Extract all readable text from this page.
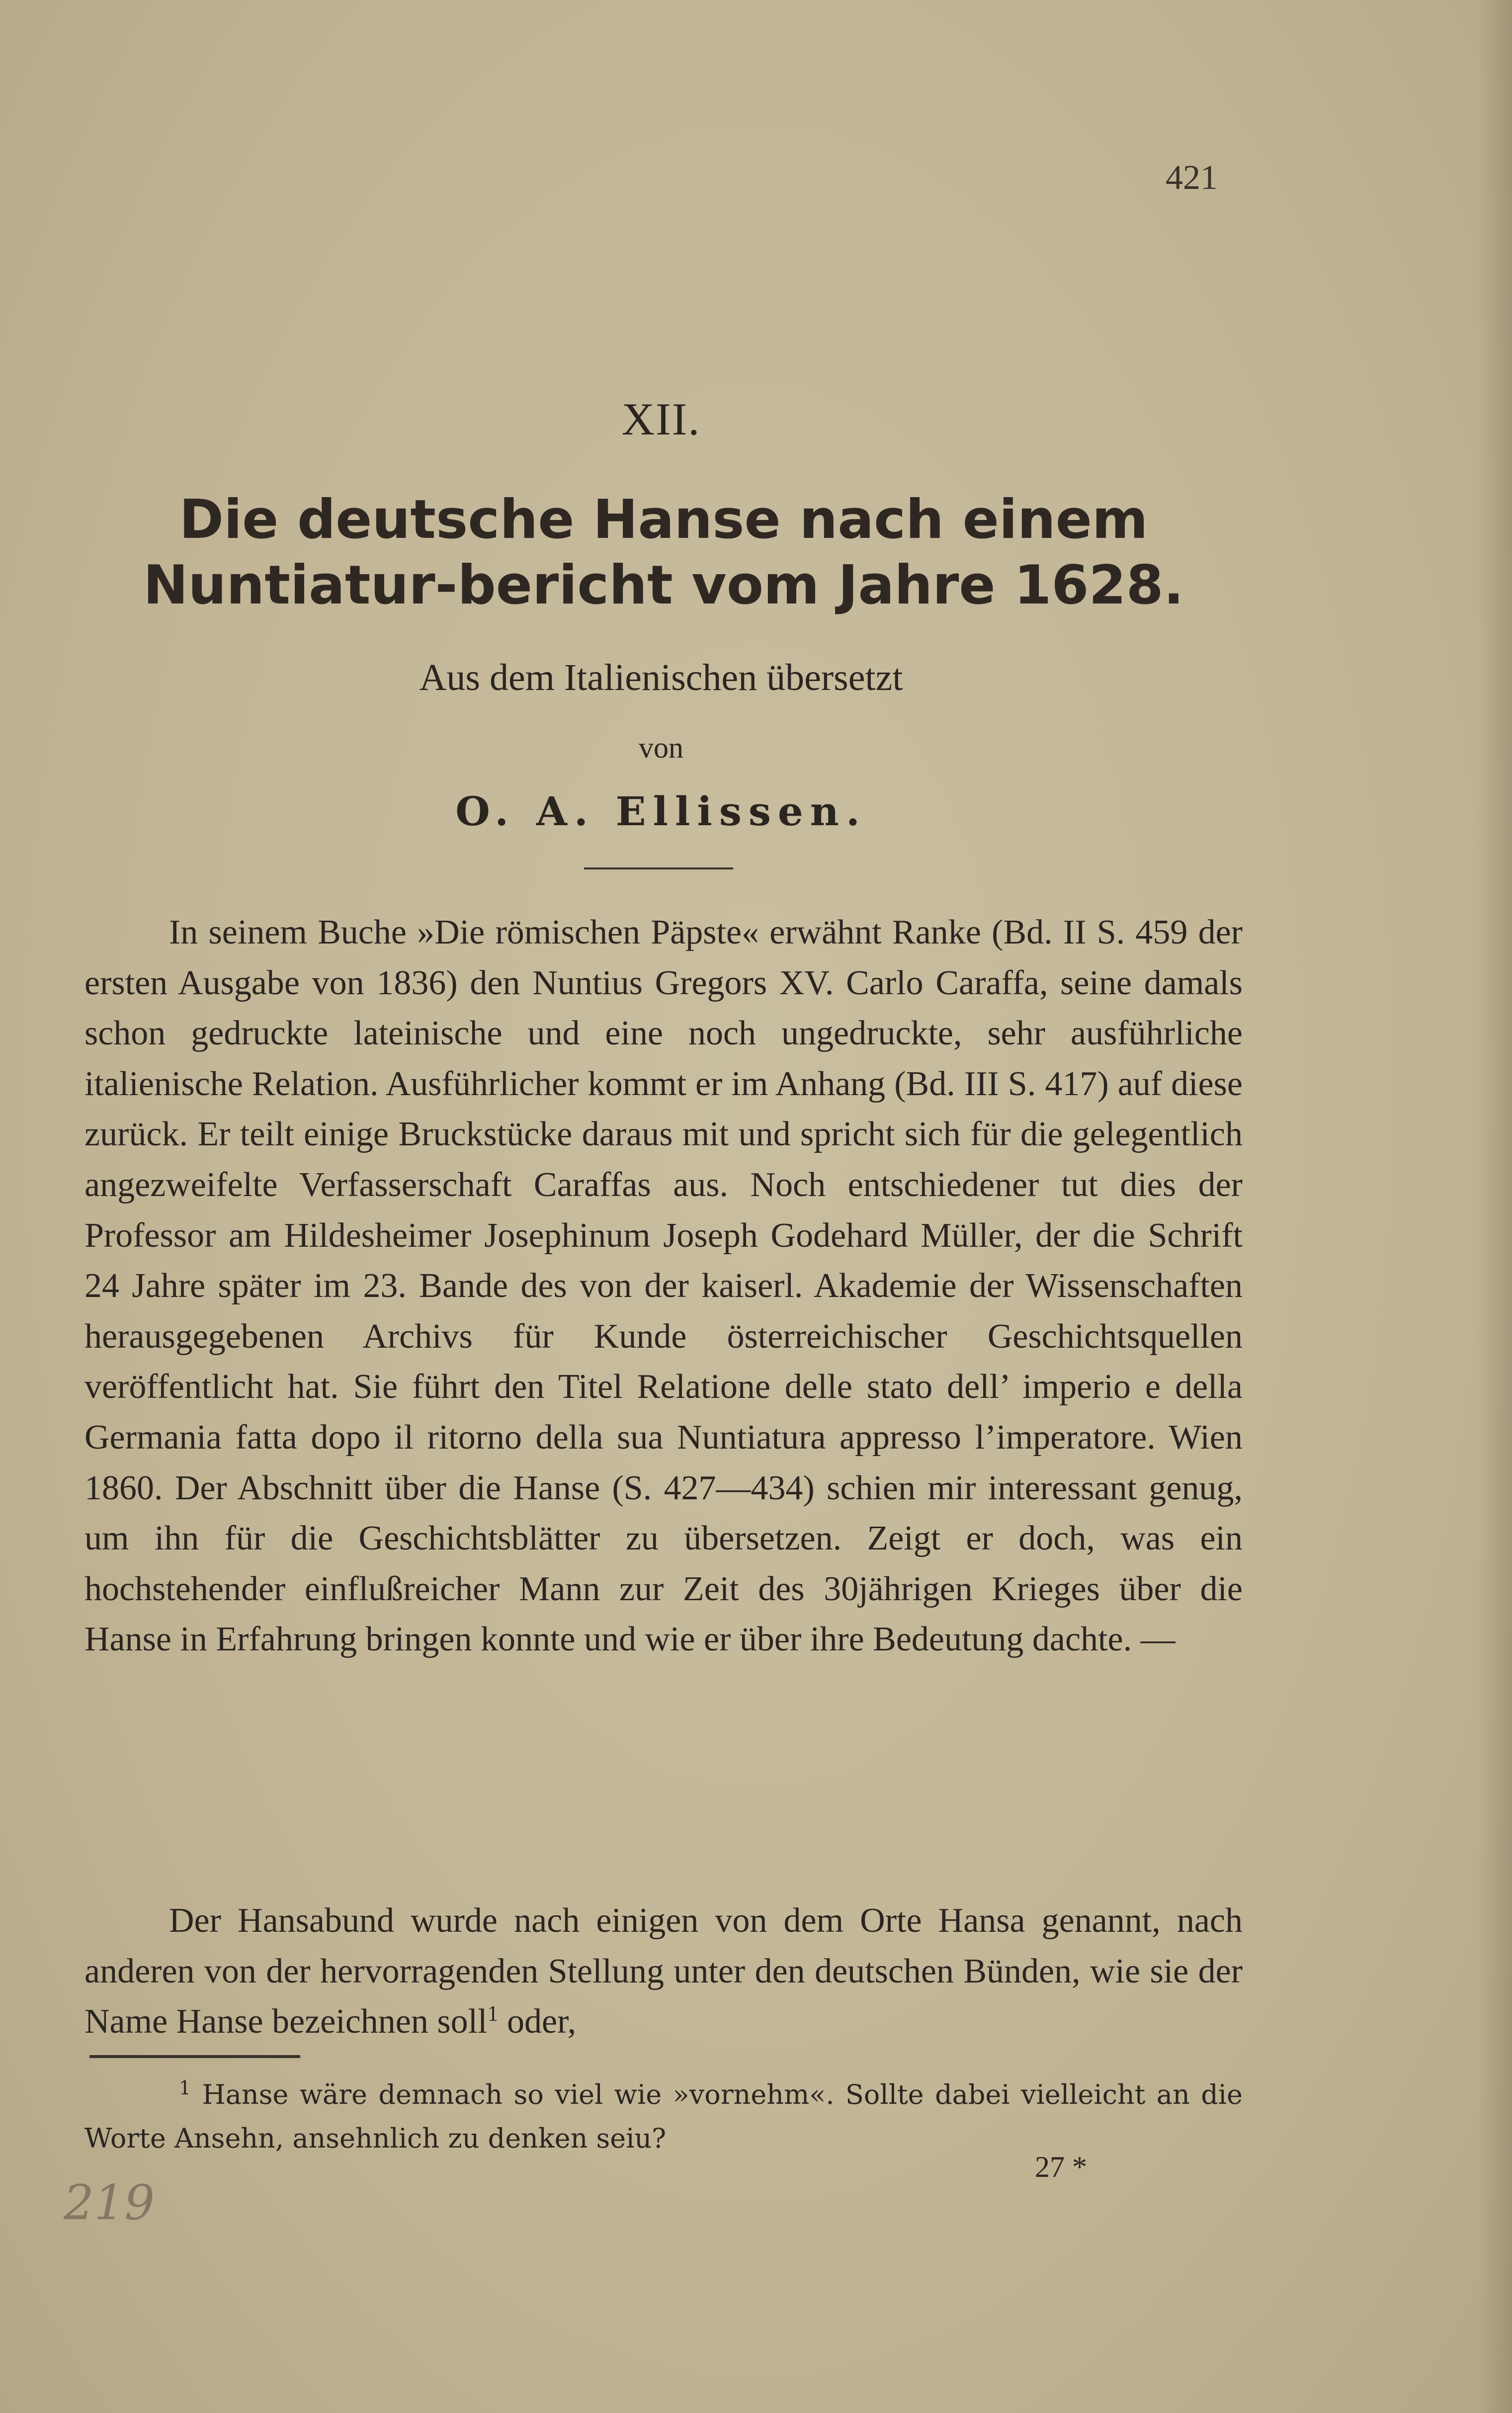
421
XII.
Die deutsche Hanse nach einem Nuntiatur-bericht vom Jahre 1628.
Aus dem Italienischen übersetzt
von
O. A. Ellissen.

In seinem Buche »Die römischen Päpste« erwähnt Ranke (Bd. II S. 459 der ersten Ausgabe von 1836) den Nuntius Gregors XV. Carlo Caraffa, seine damals schon gedruckte lateinische und eine noch ungedruckte, sehr ausführliche italienische Relation. Ausführlicher kommt er im Anhang (Bd. III S. 417) auf diese zurück. Er teilt einige Bruckstücke daraus mit und spricht sich für die gelegentlich angezweifelte Verfasserschaft Caraffas aus. Noch entschiedener tut dies der Professor am Hildesheimer Josephinum Joseph Godehard Müller, der die Schrift 24 Jahre später im 23. Bande des von der kaiserl. Akademie der Wissenschaften herausgegebenen Archivs für Kunde österreichischer Geschichtsquellen veröffentlicht hat. Sie führt den Titel Relatione delle stato dell’ imperio e della Germania fatta dopo il ritorno della sua Nuntiatura appresso l’imperatore. Wien 1860. Der Abschnitt über die Hanse (S. 427—434) schien mir interessant genug, um ihn für die Geschichtsblätter zu übersetzen. Zeigt er doch, was ein hochstehender einflußreicher Mann zur Zeit des 30jährigen Krieges über die Hanse in Erfahrung bringen konnte und wie er über ihre Bedeutung dachte. —

Der Hansabund wurde nach einigen von dem Orte Hansa genannt, nach anderen von der hervorragenden Stellung unter den deutschen Bünden, wie sie der Name Hanse bezeichnen soll$^1$ oder,

$^1$ Hanse wäre demnach so viel wie »vornehm«. Sollte dabei vielleicht an die Worte Ansehn, ansehnlich zu denken seiu?
27 *
219
